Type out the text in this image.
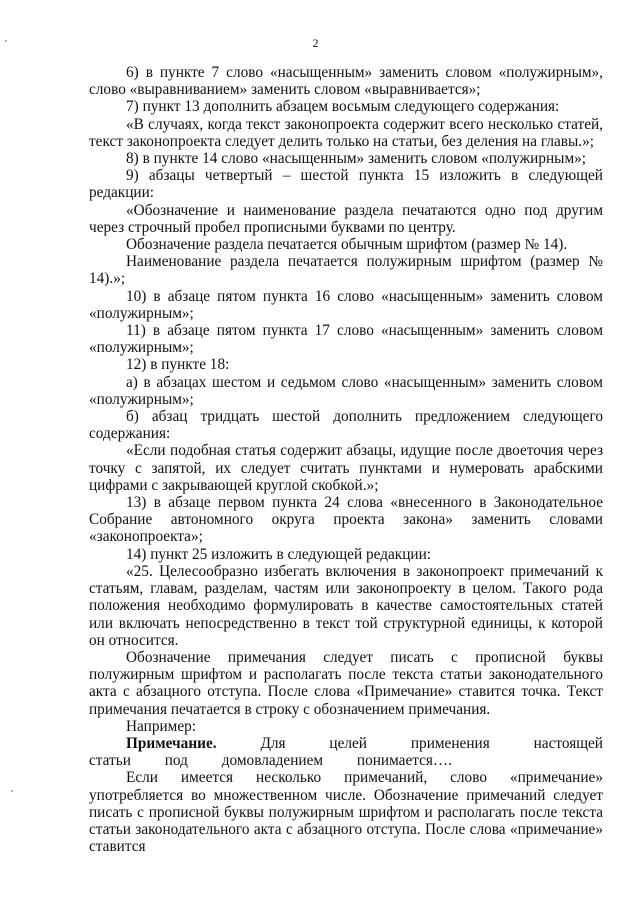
2

6) в пункте 7 слово «насыщенным» заменить словом «полужирным», слово «выравниванием» заменить словом «выравнивается»;

7) пункт 13 дополнить абзацем восьмым следующего содержания:

«В случаях, когда текст законопроекта содержит всего несколько статей, текст законопроекта следует делить только на статьи, без деления на главы.»;

8) в пункте 14 слово «насыщенным» заменить словом «полужирным»;

9) абзацы четвертый – шестой пункта 15 изложить в следующей редакции:

«Обозначение и наименование раздела печатаются одно под другим через строчный пробел прописными буквами по центру.

Обозначение раздела печатается обычным шрифтом (размер № 14).

Наименование раздела печатается полужирным шрифтом (размер № 14).»;

10) в абзаце пятом пункта 16 слово «насыщенным» заменить словом «полужирным»;

11) в абзаце пятом пункта 17 слово «насыщенным» заменить словом «полужирным»;

12) в пункте 18:

а) в абзацах шестом и седьмом слово «насыщенным» заменить словом «полужирным»;

б) абзац тридцать шестой дополнить предложением следующего содержания:

«Если подобная статья содержит абзацы, идущие после двоеточия через точку с запятой, их следует считать пунктами и нумеровать арабскими цифрами с закрывающей круглой скобкой.»;

13) в абзаце первом пункта 24 слова «внесенного в Законодательное Собрание автономного округа проекта закона» заменить словами «законопроекта»;

14) пункт 25 изложить в следующей редакции:

«25. Целесообразно избегать включения в законопроект примечаний к статьям, главам, разделам, частям или законопроекту в целом. Такого рода положения необходимо формулировать в качестве самостоятельных статей или включать непосредственно в текст той структурной единицы, к которой он относится.

Обозначение примечания следует писать с прописной буквы полужирным шрифтом и располагать после текста статьи законодательного акта с абзацного отступа. После слова «Примечание» ставится точка. Текст примечания печатается в строку с обозначением примечания.

Например:

Примечание. Для целей применения настоящей статьи под домовладением понимается….

Если имеется несколько примечаний, слово «примечание» употребляется во множественном числе. Обозначение примечаний следует писать с прописной буквы полужирным шрифтом и располагать после текста статьи законодательного акта с абзацного отступа. После слова «примечание» ставится
